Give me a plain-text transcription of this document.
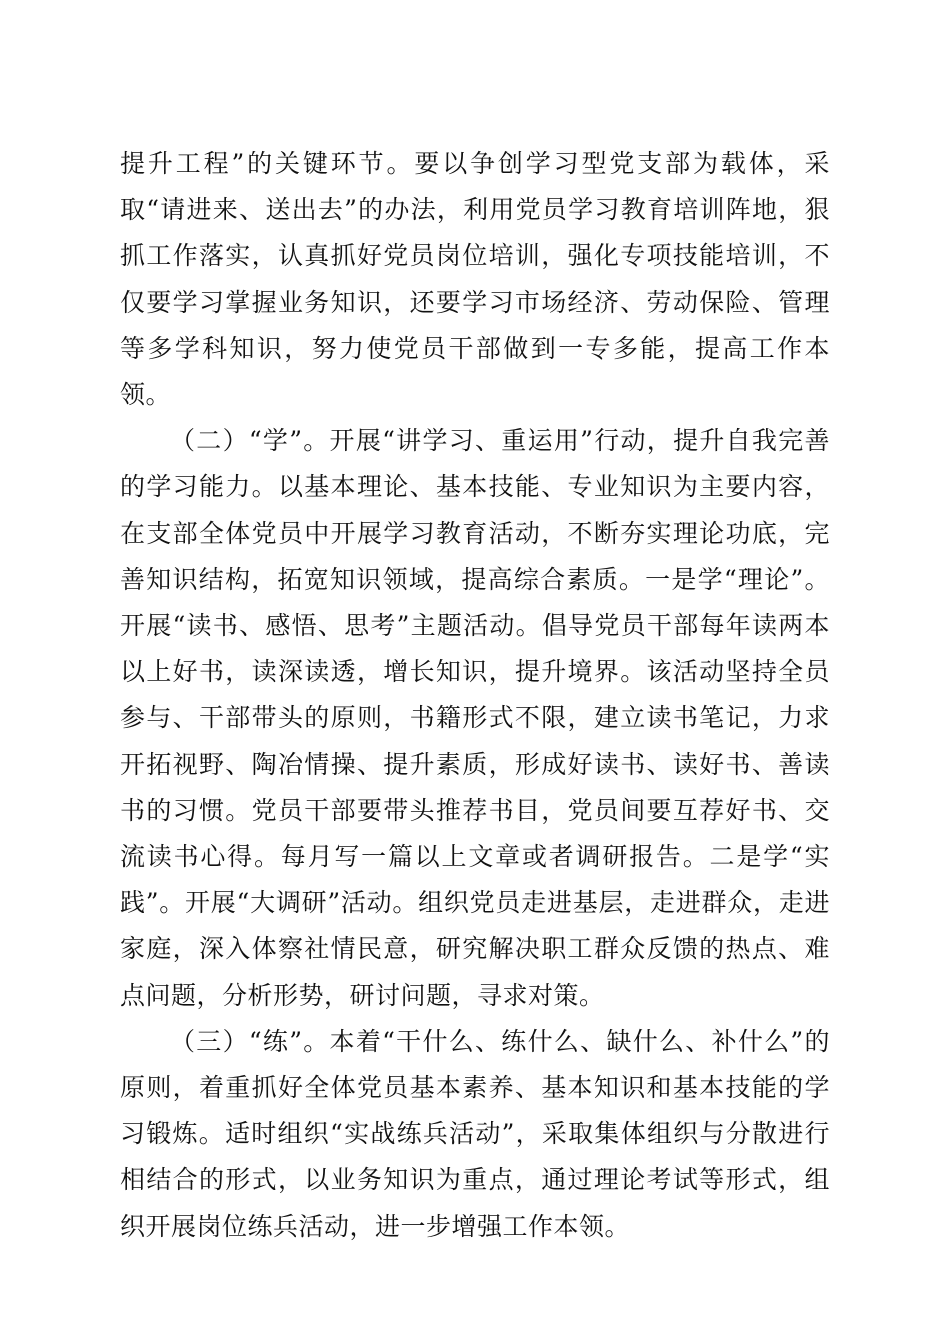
提升工程”的关键环节。要以争创学习型党支部为载体，采取“请进来、送出去”的办法，利用党员学习教育培训阵地，狠抓工作落实，认真抓好党员岗位培训，强化专项技能培训，不仅要学习掌握业务知识，还要学习市场经济、劳动保险、管理等多学科知识，努力使党员干部做到一专多能，提高工作本领。

（二）“学”。开展“讲学习、重运用”行动，提升自我完善的学习能力。以基本理论、基本技能、专业知识为主要内容，在支部全体党员中开展学习教育活动，不断夯实理论功底，完善知识结构，拓宽知识领域，提高综合素质。一是学“理论”。开展“读书、感悟、思考”主题活动。倡导党员干部每年读两本以上好书，读深读透，增长知识，提升境界。该活动坚持全员参与、干部带头的原则，书籍形式不限，建立读书笔记，力求开拓视野、陶冶情操、提升素质，形成好读书、读好书、善读书的习惯。党员干部要带头推荐书目，党员间要互荐好书、交流读书心得。每月写一篇以上文章或者调研报告。二是学“实践”。开展“大调研”活动。组织党员走进基层，走进群众，走进家庭，深入体察社情民意，研究解决职工群众反馈的热点、难点问题，分析形势，研讨问题，寻求对策。

（三）“练”。本着“干什么、练什么、缺什么、补什么”的原则，着重抓好全体党员基本素养、基本知识和基本技能的学习锻炼。适时组织“实战练兵活动”，采取集体组织与分散进行相结合的形式，以业务知识为重点，通过理论考试等形式，组织开展岗位练兵活动，进一步增强工作本领。
